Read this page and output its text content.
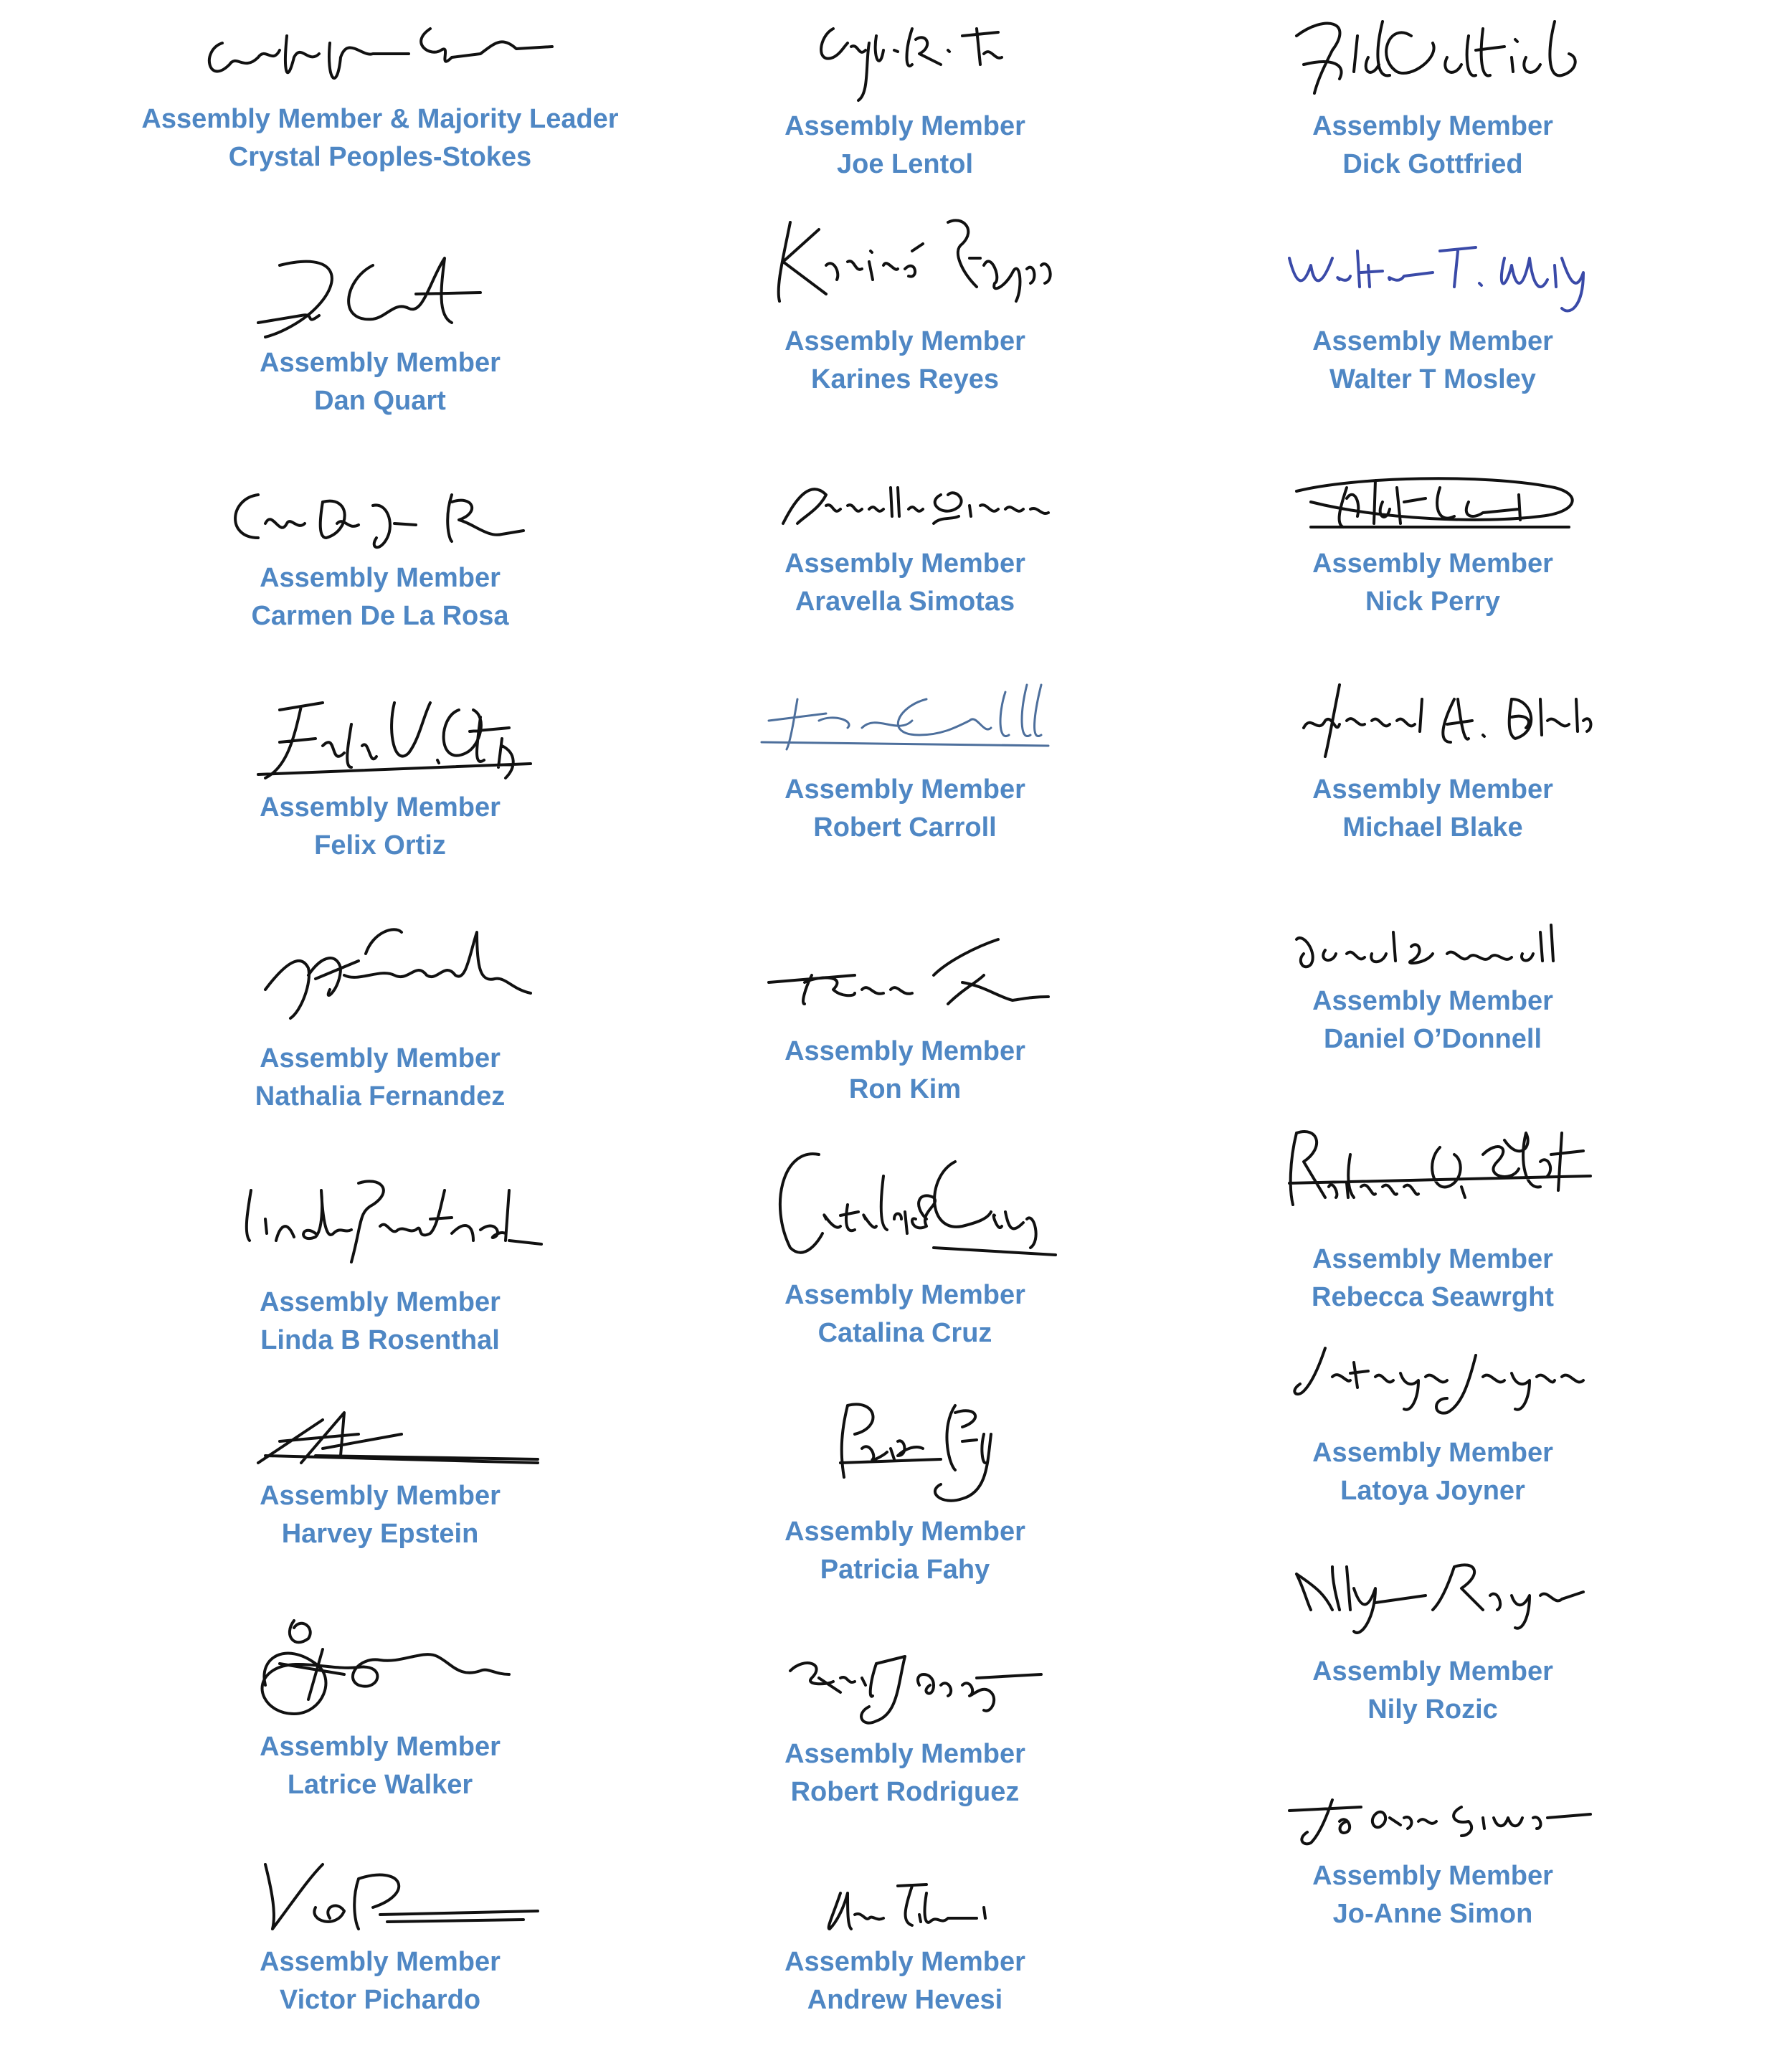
Assembly Member & Majority Leader
Crystal Peoples-Stokes
Assembly Member
Dan Quart
Assembly Member
Carmen De La Rosa
Assembly Member
Felix Ortiz
Assembly Member
Nathalia Fernandez
Assembly Member
Linda B Rosenthal
Assembly Member
Harvey Epstein
Assembly Member
Latrice Walker
Assembly Member
Victor Pichardo
Assembly Member
Joe Lentol
Assembly Member
Karines Reyes
Assembly Member
Aravella Simotas
Assembly Member
Robert Carroll
Assembly Member
Ron Kim
Assembly Member
Catalina Cruz
Assembly Member
Patricia Fahy
Assembly Member
Robert Rodriguez
Assembly Member
Andrew Hevesi
Assembly Member
Dick Gottfried
Assembly Member
Walter T Mosley
Assembly Member
Nick Perry
Assembly Member
Michael Blake
Assembly Member
Daniel O’Donnell
Assembly Member
Rebecca Seawrght
Assembly Member
Latoya Joyner
Assembly Member
Nily Rozic
Assembly Member
Jo-Anne Simon
